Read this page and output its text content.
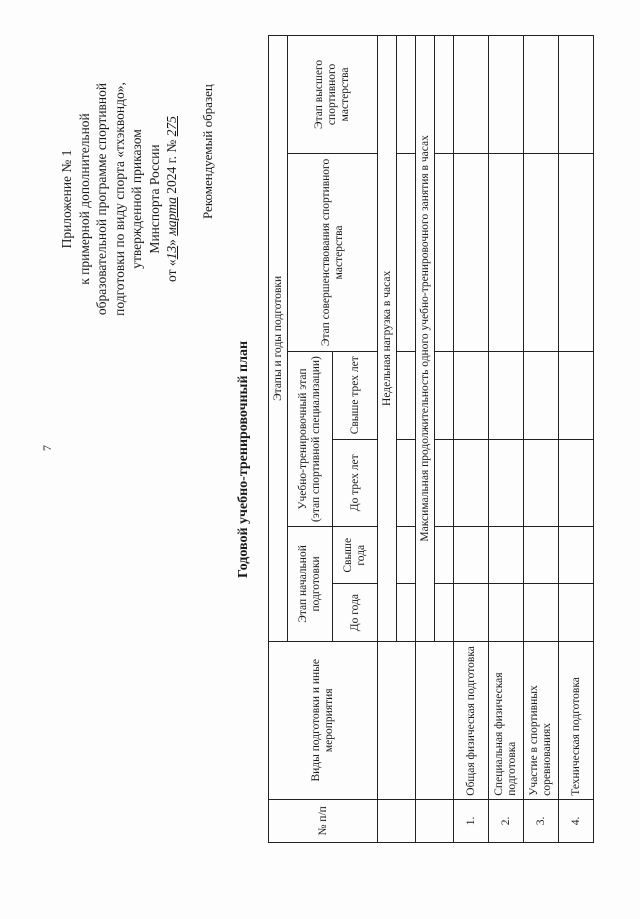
7
Приложение № 1 к примерной дополнительной образовательной программе спортивной подготовки по виду спорта «тхэквондо», утвержденной приказом Минспорта России
от «13» марта 2024 г. № 275 Рекомендуемый образец
Годовой учебно-тренировочный план
№ п/п	Виды подготовки и иные мероприятия	Этапы и годы подготовки					
		Этап начальной подготовки		Учебно-тренировочный этап (этап спортивной специализации)		Этап совершенствования спортивного мастерства	Этап высшего спортивного мастерства
		До года	Свыше года	До трех лет	Свыше трех лет		
		Недельная нагрузка в часах					

		Максимальная продолжительность одного учебно-тренировочного занятия в часах					

1.	Общая физическая подготовка						
2.	Специальная физическая подготовка						
3.	Участие в спортивных соревнованиях						
4.	Техническая подготовка						
